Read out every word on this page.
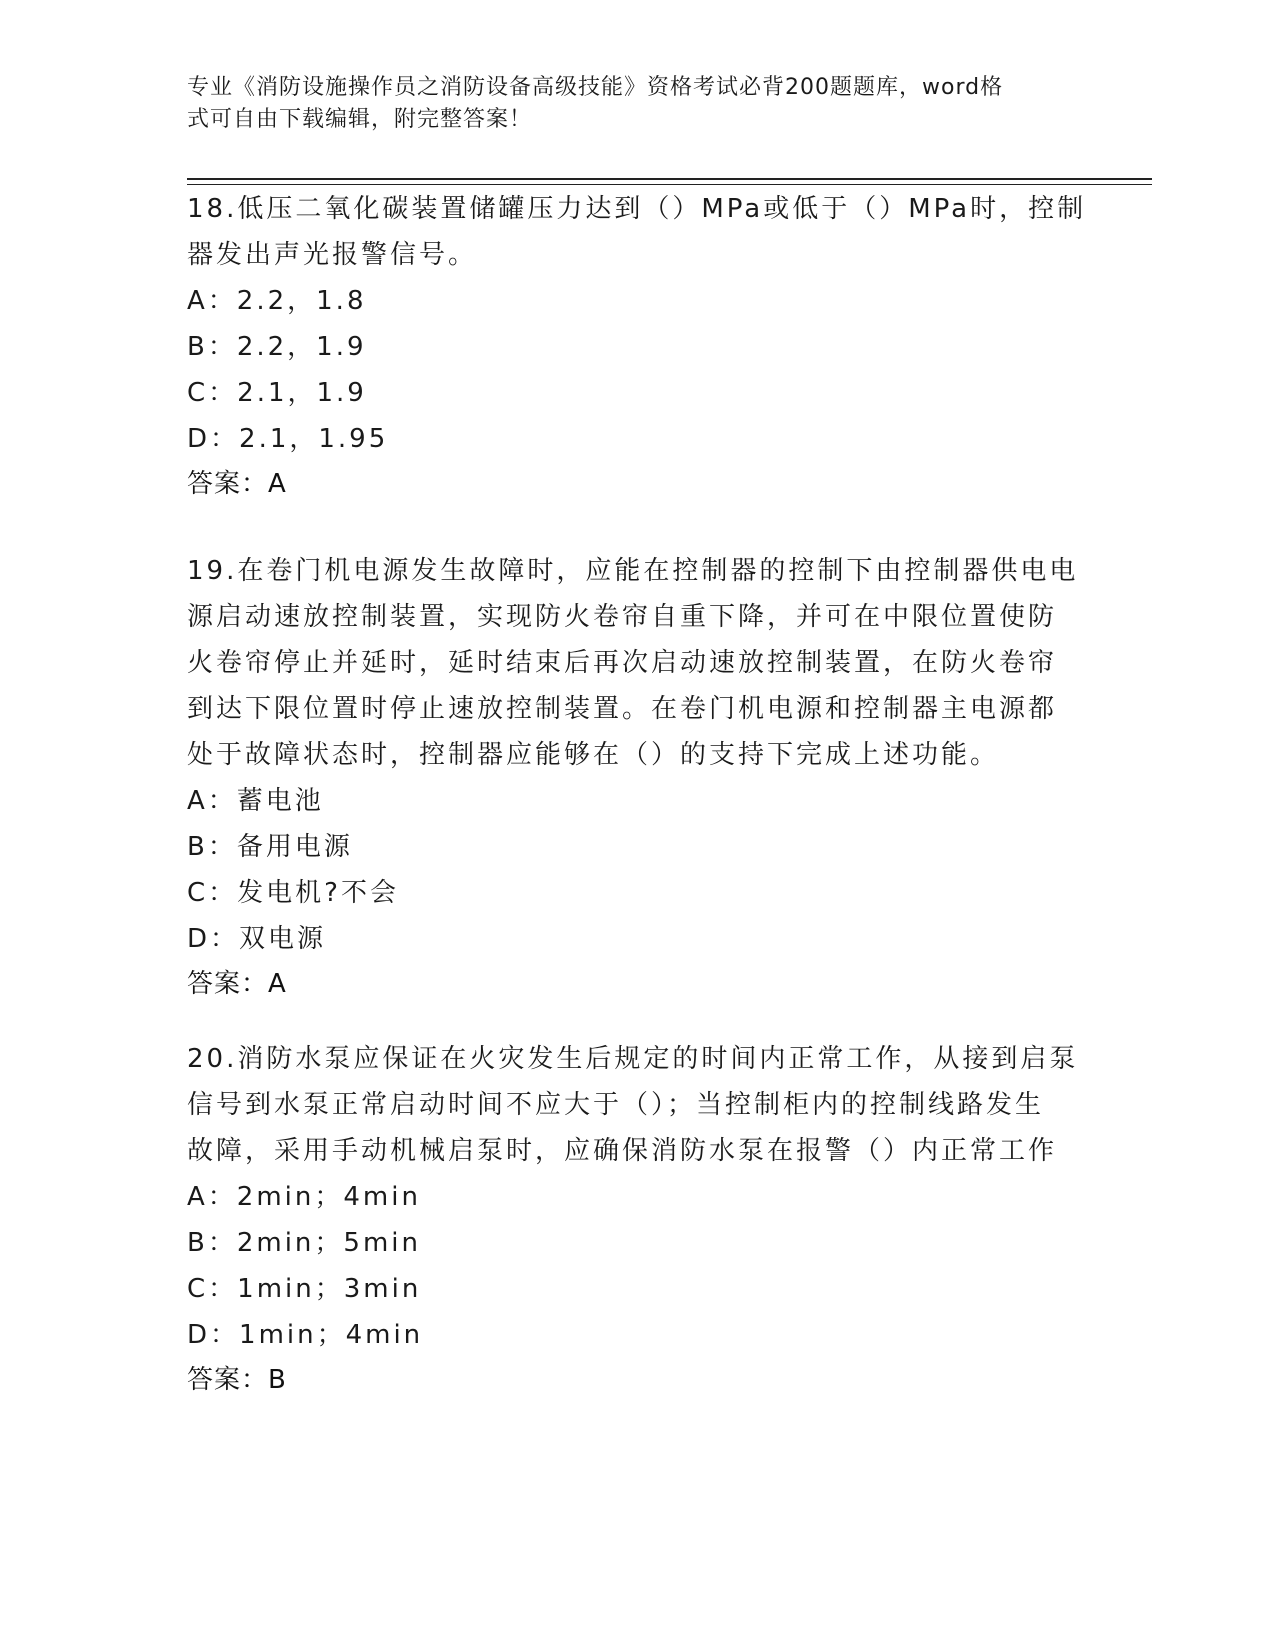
专业《消防设施操作员之消防设备高级技能》资格考试必背200题题库，word格
式可自由下载编辑，附完整答案！
18.低压二氧化碳装置储罐压力达到（）MPa或低于（）MPa时，控制
器发出声光报警信号。
A：2.2，1.8
B：2.2，1.9
C：2.1，1.9
D：2.1，1.95
答案：A
19.在卷门机电源发生故障时，应能在控制器的控制下由控制器供电电
源启动速放控制装置，实现防火卷帘自重下降，并可在中限位置使防
火卷帘停止并延时，延时结束后再次启动速放控制装置，在防火卷帘
到达下限位置时停止速放控制装置。在卷门机电源和控制器主电源都
处于故障状态时，控制器应能够在（）的支持下完成上述功能。
A：蓄电池
B：备用电源
C：发电机?不会
D：双电源
答案：A
20.消防水泵应保证在火灾发生后规定的时间内正常工作，从接到启泵
信号到水泵正常启动时间不应大于（）；当控制柜内的控制线路发生
故障，采用手动机械启泵时，应确保消防水泵在报警（）内正常工作
A：2min；4min
B：2min；5min
C：1min；3min
D：1min；4min
答案：B
